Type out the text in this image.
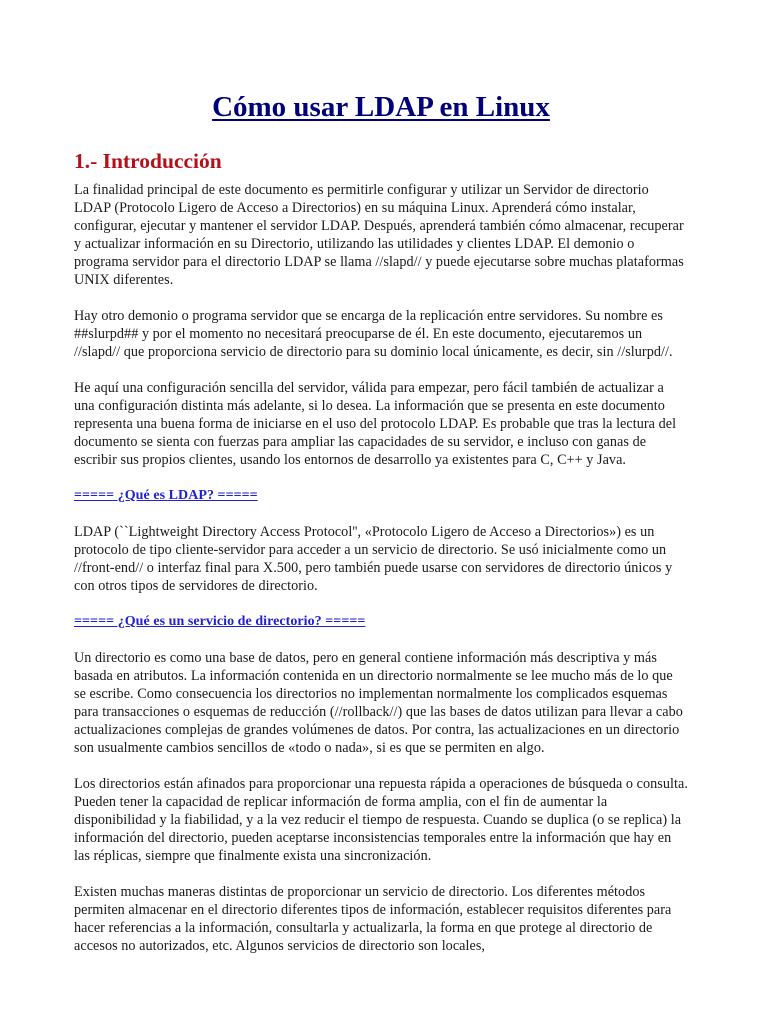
Cómo usar LDAP en Linux
1.- Introducción

La finalidad principal de este documento es permitirle configurar y utilizar un Servidor de directorio LDAP (Protocolo Ligero de Acceso a Directorios) en su máquina Linux. Aprenderá cómo instalar, configurar, ejecutar y mantener el servidor LDAP. Después, aprenderá también cómo almacenar, recuperar y actualizar información en su Directorio, utilizando las utilidades y clientes LDAP. El demonio o programa servidor para el directorio LDAP se llama //slapd// y puede ejecutarse sobre muchas plataformas UNIX diferentes.

Hay otro demonio o programa servidor que se encarga de la replicación entre servidores. Su nombre es ##slurpd## y por el momento no necesitará preocuparse de él. En este documento, ejecutaremos un //slapd// que proporciona servicio de directorio para su dominio local únicamente, es decir, sin //slurpd//.

He aquí una configuración sencilla del servidor, válida para empezar, pero fácil también de actualizar a una configuración distinta más adelante, si lo desea. La información que se presenta en este documento representa una buena forma de iniciarse en el uso del protocolo LDAP. Es probable que tras la lectura del documento se sienta con fuerzas para ampliar las capacidades de su servidor, e incluso con ganas de escribir sus propios clientes, usando los entornos de desarrollo ya existentes para C, C++ y Java.

===== ¿Qué es LDAP? =====

LDAP (``Lightweight Directory Access Protocol'', «Protocolo Ligero de Acceso a Directorios») es un protocolo de tipo cliente-servidor para acceder a un servicio de directorio. Se usó inicialmente como un //front-end// o interfaz final para X.500, pero también puede usarse con servidores de directorio únicos y con otros tipos de servidores de directorio.

===== ¿Qué es un servicio de directorio? =====

Un directorio es como una base de datos, pero en general contiene información más descriptiva y más basada en atributos. La información contenida en un directorio normalmente se lee mucho más de lo que se escribe. Como consecuencia los directorios no implementan normalmente los complicados esquemas para transacciones o esquemas de reducción (//rollback//) que las bases de datos utilizan para llevar a cabo actualizaciones complejas de grandes volúmenes de datos. Por contra, las actualizaciones en un directorio son usualmente cambios sencillos de «todo o nada», si es que se permiten en algo.

Los directorios están afinados para proporcionar una repuesta rápida a operaciones de búsqueda o consulta. Pueden tener la capacidad de replicar información de forma amplia, con el fin de aumentar la disponibilidad y la fiabilidad, y a la vez reducir el tiempo de respuesta. Cuando se duplica (o se replica) la información del directorio, pueden aceptarse inconsistencias temporales entre la información que hay en las réplicas, siempre que finalmente exista una sincronización.

Existen muchas maneras distintas de proporcionar un servicio de directorio. Los diferentes métodos permiten almacenar en el directorio diferentes tipos de información, establecer requisitos diferentes para hacer referencias a la información, consultarla y actualizarla, la forma en que protege al directorio de accesos no autorizados, etc. Algunos servicios de directorio son locales,
